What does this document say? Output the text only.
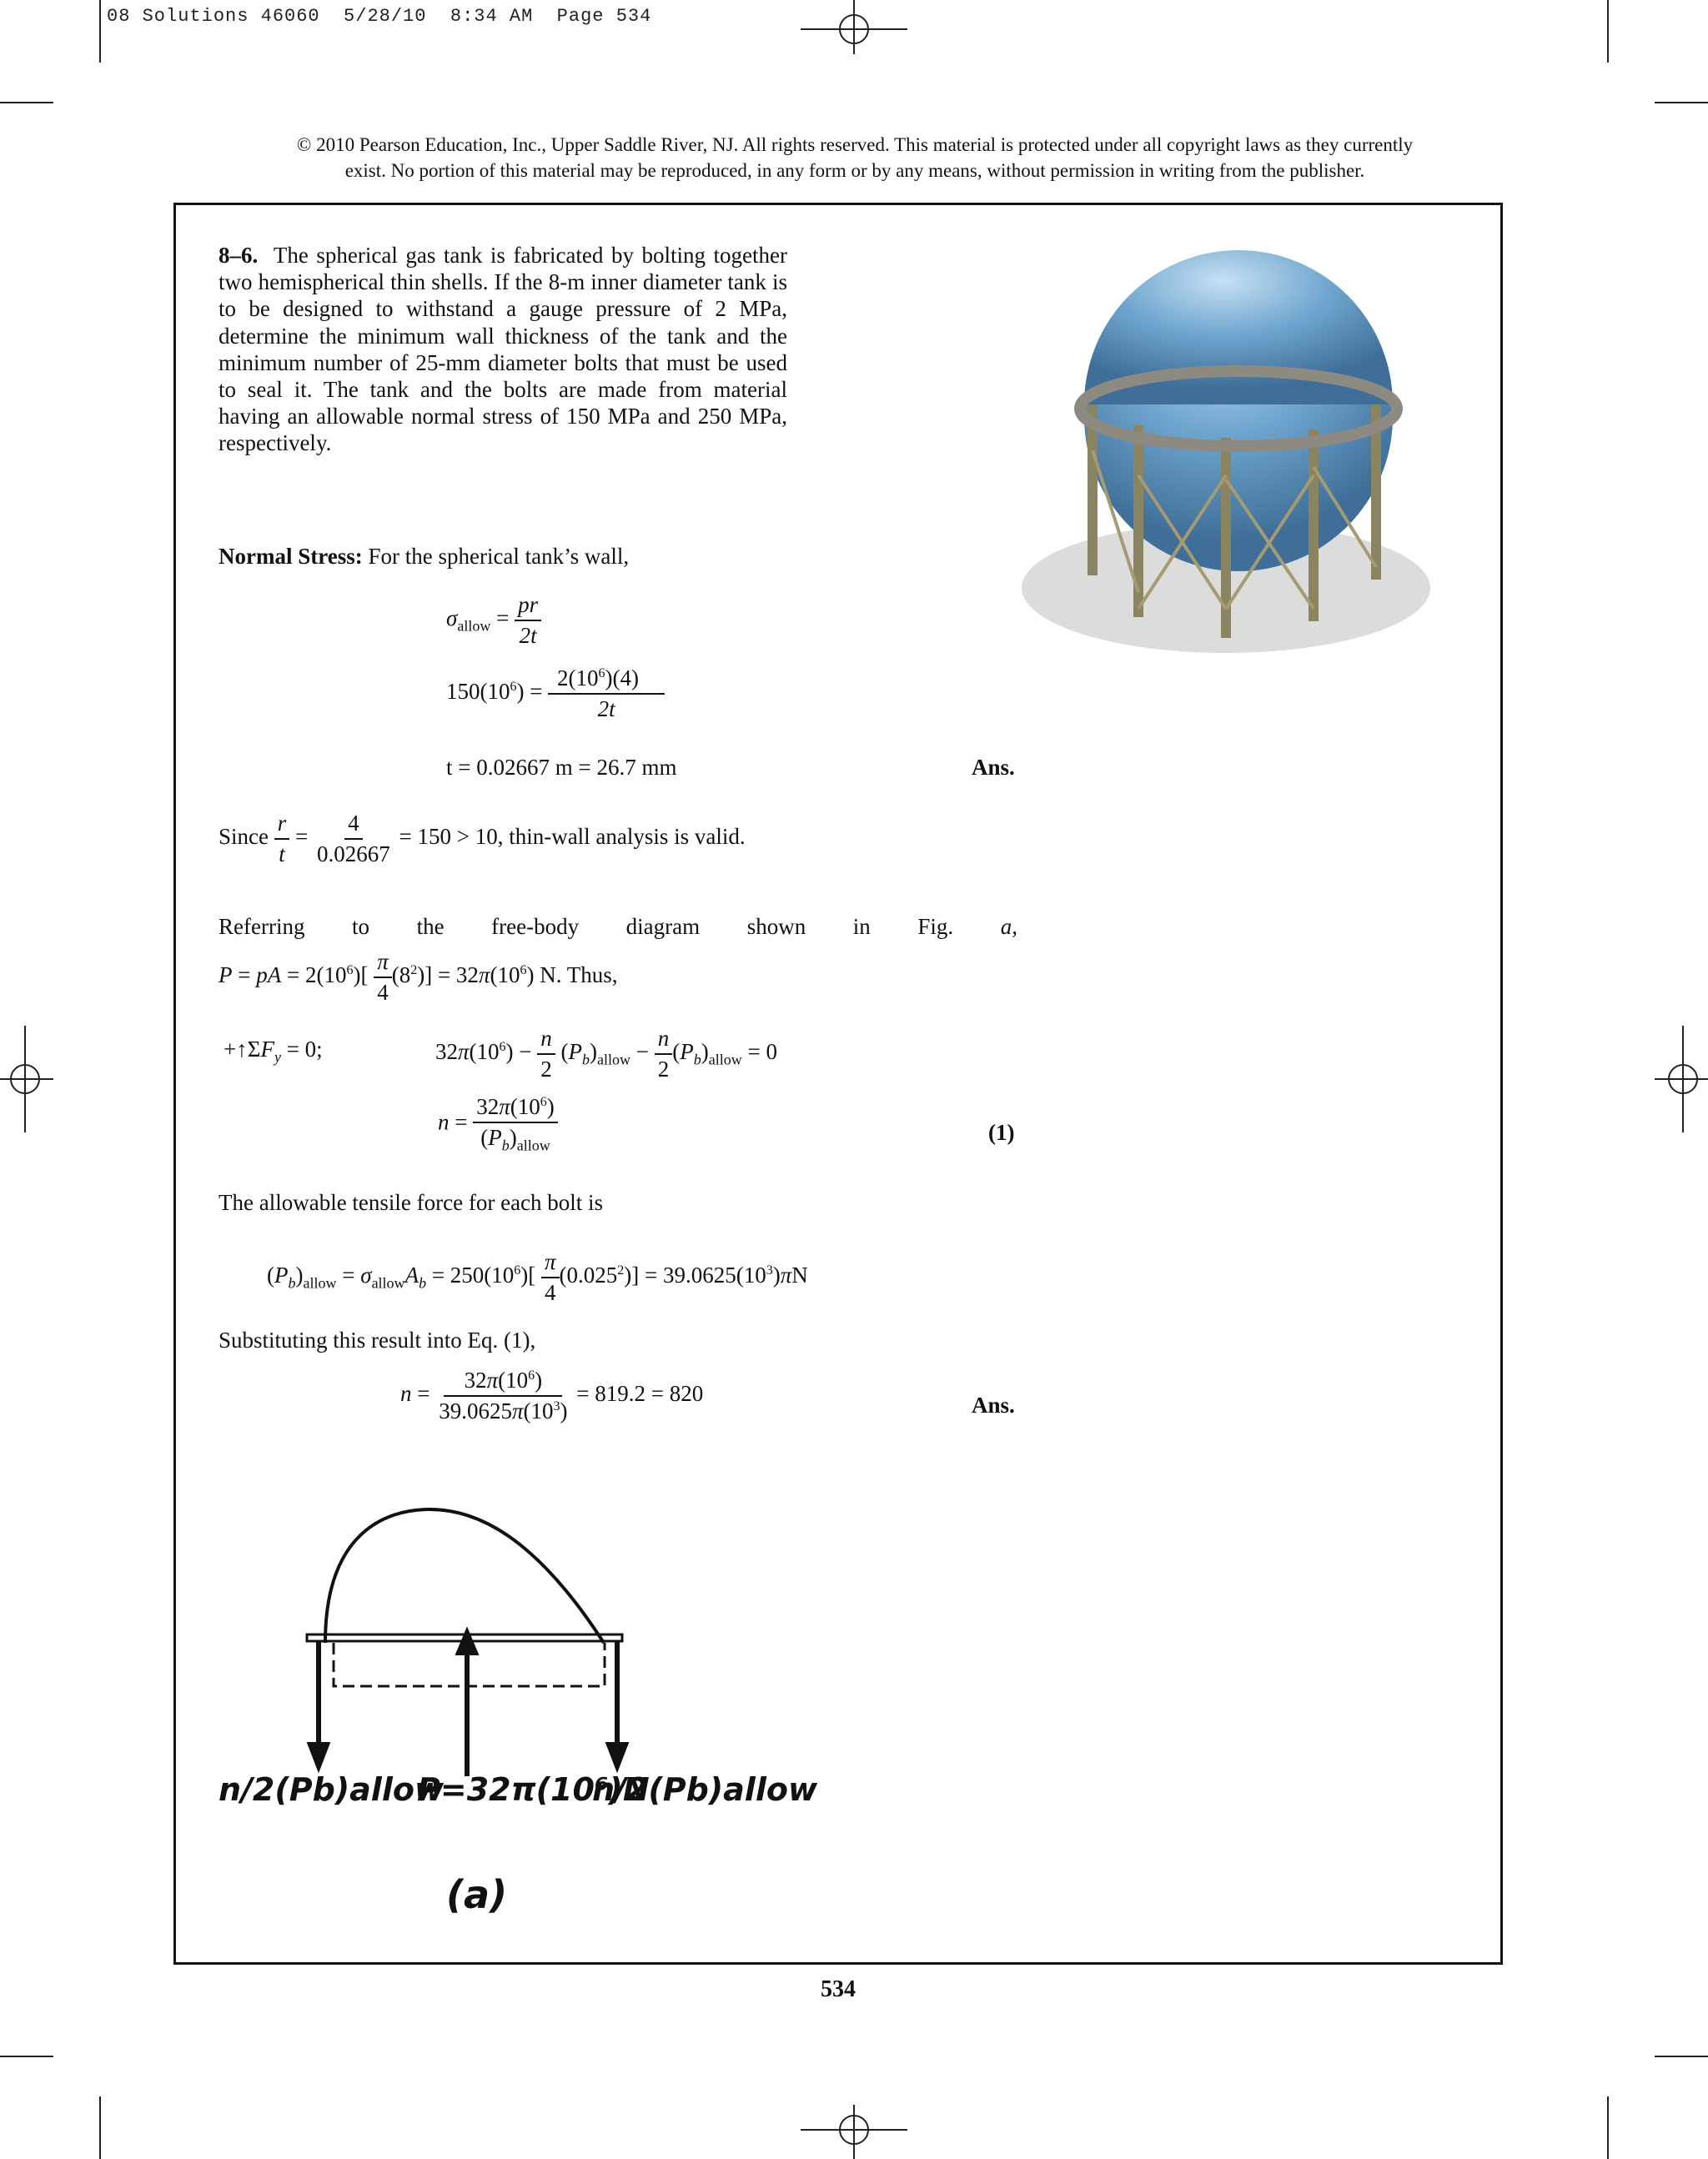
08 Solutions 46060  5/28/10  8:34 AM  Page 534
© 2010 Pearson Education, Inc., Upper Saddle River, NJ. All rights reserved. This material is protected under all copyright laws as they currently
exist. No portion of this material may be reproduced, in any form or by any means, without permission in writing from the publisher.
8–6. The spherical gas tank is fabricated by bolting together two hemispherical thin shells. If the 8-m inner diameter tank is to be designed to withstand a gauge pressure of 2 MPa, determine the minimum wall thickness of the tank and the minimum number of 25-mm diameter bolts that must be used to seal it. The tank and the bolts are made from material having an allowable normal stress of 150 MPa and 250 MPa, respectively.
Normal Stress: For the spherical tank’s wall,
$\sigma_{allow} = \frac{pr}{2t}$
$150(10^6) = \frac{2(10^6)(4)}{2t}$
t = 0.02667 m = 26.7 mm	Ans.
Since $\frac{r}{t} = \frac{4}{0.02667} = 150 > 10$, thin-wall analysis is valid.
Referring to the free-body diagram shown in Fig. a,
P = pA = $2(10^6)[ \frac{\pi}{4} (8^2)] = 32\pi(10^6)$ N. Thus,
$+↑\Sigma F_y = 0$;	$32\pi(10^6) - \frac{n}{2} (P_b)_{allow} - \frac{n}{2} (P_b)_{allow} = 0$
$n = \frac{32\pi(10^6)}{(P_b)_{allow}}$	(1)
The allowable tensile force for each bolt is
$(P_b)_{allow} = \sigma_{allow}A_b = 250(10^6)[ \frac{\pi}{4} (0.025^2)] = 39.0625(10^3)\pi N$
Substituting this result into Eq. (1),
$n = \frac{32\pi(10^6)}{39.0625\pi(10^3)} = 819.2 = 820$	Ans.
n/2(Pb)allow
P=32π(10⁶)N
n/2(Pb)allow
(a)
534
